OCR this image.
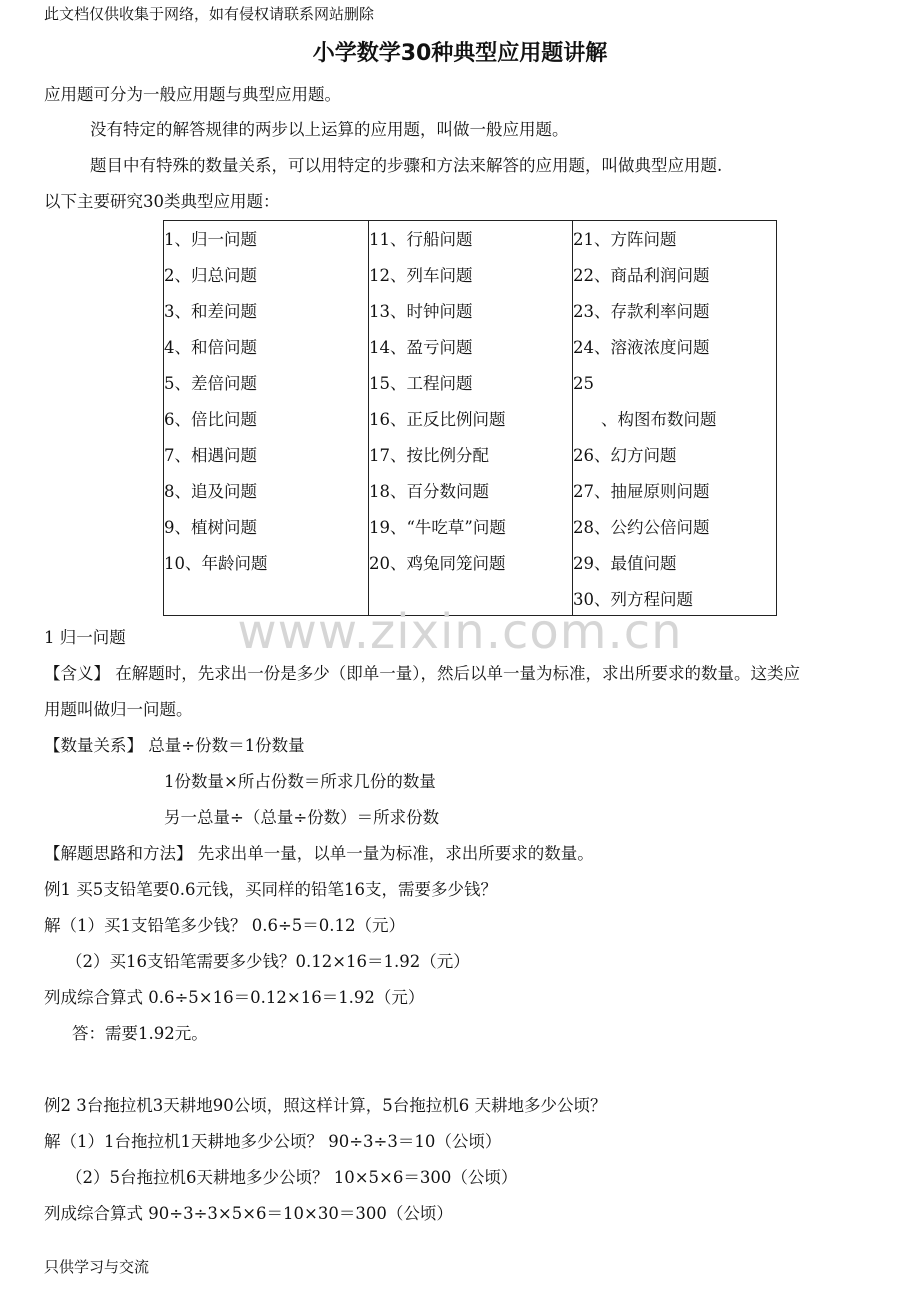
此文档仅供收集于网络，如有侵权请联系网站删除
小学数学30种典型应用题讲解
应用题可分为一般应用题与典型应用题。
没有特定的解答规律的两步以上运算的应用题，叫做一般应用题。
题目中有特殊的数量关系，可以用特定的步骤和方法来解答的应用题，叫做典型应用题.
以下主要研究30类典型应用题：
1、归一问题
2、归总问题
3、和差问题
4、和倍问题
5、差倍问题
6、倍比问题
7、相遇问题
8、追及问题
9、植树问题
10、年龄问题
11、行船问题
12、列车问题
13、时钟问题
14、盈亏问题
15、工程问题
16、正反比例问题
17、按比例分配
18、百分数问题
19、“牛吃草”问题
20、鸡兔同笼问题
21、方阵问题
22、商品利润问题
23、存款利率问题
24、溶液浓度问题
25
、构图布数问题
26、幻方问题
27、抽屉原则问题
28、公约公倍问题
29、最值问题
30、列方程问题
www.zixin.com.cn
1 归一问题
【含义】 在解题时，先求出一份是多少（即单一量），然后以单一量为标准，求出所要求的数量。这类应
用题叫做归一问题。
【数量关系】 总量÷份数＝1份数量
1份数量×所占份数＝所求几份的数量
另一总量÷（总量÷份数）＝所求份数
【解题思路和方法】 先求出单一量，以单一量为标准，求出所要求的数量。
例1 买5支铅笔要0.6元钱，买同样的铅笔16支，需要多少钱？
解（1）买1支铅笔多少钱？ 0.6÷5＝0.12（元）
（2）买16支铅笔需要多少钱？0.12×16＝1.92（元）
列成综合算式 0.6÷5×16＝0.12×16＝1.92（元）
答：需要1.92元。
例2 3台拖拉机3天耕地90公顷，照这样计算，5台拖拉机6 天耕地多少公顷？
解（1）1台拖拉机1天耕地多少公顷？ 90÷3÷3＝10（公顷）
（2）5台拖拉机6天耕地多少公顷？ 10×5×6＝300（公顷）
列成综合算式 90÷3÷3×5×6＝10×30＝300（公顷）
只供学习与交流
